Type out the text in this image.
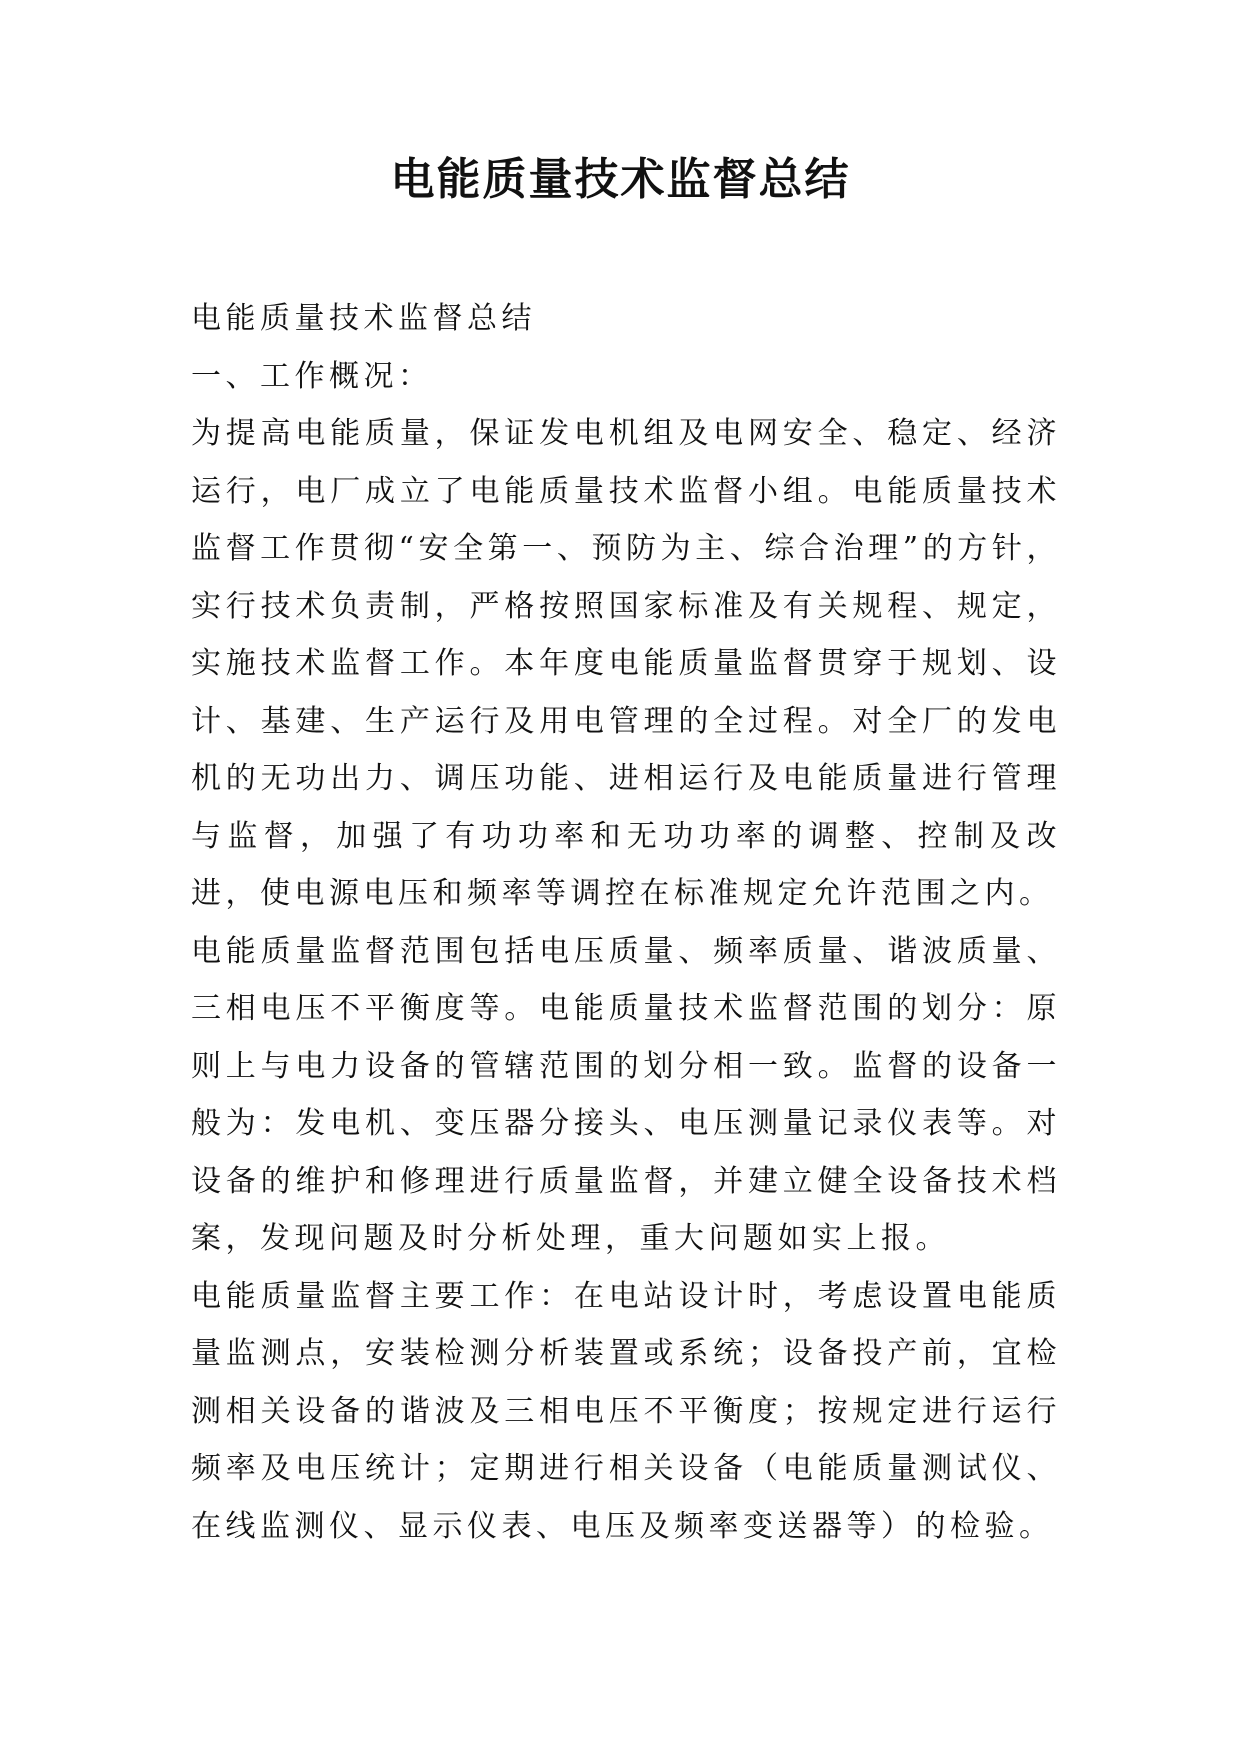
电能质量技术监督总结

电能质量技术监督总结

一、工作概况：

为提高电能质量，保证发电机组及电网安全、稳定、经济运行，电厂成立了电能质量技术监督小组。电能质量技术监督工作贯彻“安全第一、预防为主、综合治理”的方针，实行技术负责制，严格按照国家标准及有关规程、规定，实施技术监督工作。本年度电能质量监督贯穿于规划、设计、基建、生产运行及用电管理的全过程。对全厂的发电机的无功出力、调压功能、进相运行及电能质量进行管理与监督，加强了有功功率和无功功率的调整、控制及改进，使电源电压和频率等调控在标准规定允许范围之内。

电能质量监督范围包括电压质量、频率质量、谐波质量、三相电压不平衡度等。电能质量技术监督范围的划分：原则上与电力设备的管辖范围的划分相一致。监督的设备一般为：发电机、变压器分接头、电压测量记录仪表等。对设备的维护和修理进行质量监督，并建立健全设备技术档案，发现问题及时分析处理，重大问题如实上报。

电能质量监督主要工作：在电站设计时，考虑设置电能质量监测点，安装检测分析装置或系统；设备投产前，宜检测相关设备的谐波及三相电压不平衡度；按规定进行运行频率及电压统计；定期进行相关设备（电能质量测试仪、在线监测仪、显示仪表、电压及频率变送器等）的检验。
